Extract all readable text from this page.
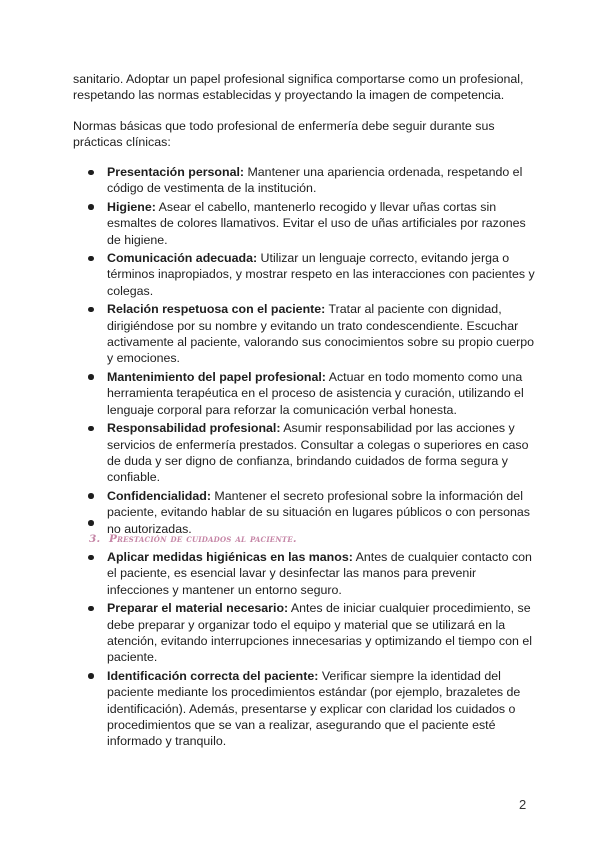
sanitario. Adoptar un papel profesional significa comportarse como un profesional,
respetando las normas establecidas y proyectando la imagen de competencia.

Normas básicas que todo profesional de enfermería debe seguir durante sus
prácticas clínicas:

Presentación personal: Mantener una apariencia ordenada, respetando el
código de vestimenta de la institución.
Higiene: Asear el cabello, mantenerlo recogido y llevar uñas cortas sin
esmaltes de colores llamativos. Evitar el uso de uñas artificiales por razones
de higiene.
Comunicación adecuada: Utilizar un lenguaje correcto, evitando jerga o
términos inapropiados, y mostrar respeto en las interacciones con pacientes y
colegas.
Relación respetuosa con el paciente: Tratar al paciente con dignidad,
dirigiéndose por su nombre y evitando un trato condescendiente. Escuchar
activamente al paciente, valorando sus conocimientos sobre su propio cuerpo
y emociones.
Mantenimiento del papel profesional: Actuar en todo momento como una
herramienta terapéutica en el proceso de asistencia y curación, utilizando el
lenguaje corporal para reforzar la comunicación verbal honesta.
Responsabilidad profesional: Asumir responsabilidad por las acciones y
servicios de enfermería prestados. Consultar a colegas o superiores en caso
de duda y ser digno de confianza, brindando cuidados de forma segura y
confiable.
Confidencialidad: Mantener el secreto profesional sobre la información del
paciente, evitando hablar de su situación en lugares públicos o con personas
no autorizadas.
3. Prestación de cuidados al paciente.
Aplicar medidas higiénicas en las manos: Antes de cualquier contacto con
el paciente, es esencial lavar y desinfectar las manos para prevenir
infecciones y mantener un entorno seguro.
Preparar el material necesario: Antes de iniciar cualquier procedimiento, se
debe preparar y organizar todo el equipo y material que se utilizará en la
atención, evitando interrupciones innecesarias y optimizando el tiempo con el
paciente.
Identificación correcta del paciente: Verificar siempre la identidad del
paciente mediante los procedimientos estándar (por ejemplo, brazaletes de
identificación). Además, presentarse y explicar con claridad los cuidados o
procedimientos que se van a realizar, asegurando que el paciente esté
informado y tranquilo.
2
